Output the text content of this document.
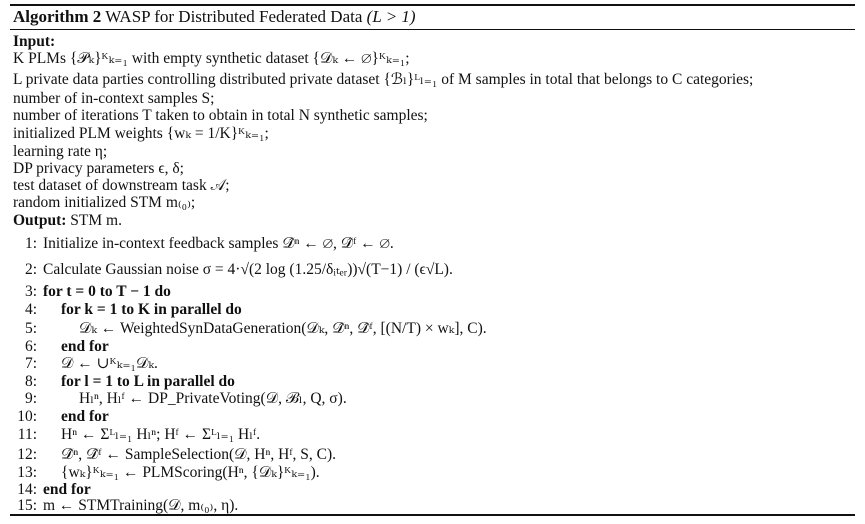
Algorithm 2 WASP for Distributed Federated Data (L > 1)
Input:
K PLMs {𝒫ₖ}ᴷₖ₌₁ with empty synthetic dataset {𝒟ₖ ← ∅}ᴷₖ₌₁;
L private data parties controlling distributed private dataset {ℬₗ}ᴸₗ₌₁ of M samples in total that belongs to C categories;
number of in-context samples S;
number of iterations T taken to obtain in total N synthetic samples;
initialized PLM weights {wₖ = 1/K}ᴷₖ₌₁;
learning rate η;
DP privacy parameters ϵ, δ;
test dataset of downstream task 𝒜;
random initialized STM m₍₀₎;
Output: STM m.
1: Initialize in-context feedback samples 𝒟̂ⁿ ← ∅, 𝒟̂ᶠ ← ∅.
2: Calculate Gaussian noise σ = 4·√(2 log (1.25/δᵢₜₑᵣ))√(T−1) / (ϵ√L).
3: for t = 0 to T − 1 do
4: for k = 1 to K in parallel do
5:	𝒟ₖ ← WeightedSynDataGeneration(𝒟ₖ, 𝒟̂ⁿ, 𝒟̂ᶠ, [(N/T) × wₖ], C).
6: end for
7: 𝒟 ← ∪ᴷₖ₌₁𝒟ₖ.
8: for l = 1 to L in parallel do
9:	Hₗⁿ, Hₗᶠ ← DP_PrivateVoting(𝒟, ℬₗ, Q, σ).
10: end for
11: Hⁿ ← Σᴸₗ₌₁ Hₗⁿ; Hᶠ ← Σᴸₗ₌₁ Hₗᶠ.
12: 𝒟̂ⁿ, 𝒟̂ᶠ ← SampleSelection(𝒟, Hⁿ, Hᶠ, S, C).
13: {wₖ}ᴷₖ₌₁ ← PLMScoring(Hⁿ, {𝒟ₖ}ᴷₖ₌₁).
14: end for
15: m ← STMTraining(𝒟, m₍₀₎, η).
